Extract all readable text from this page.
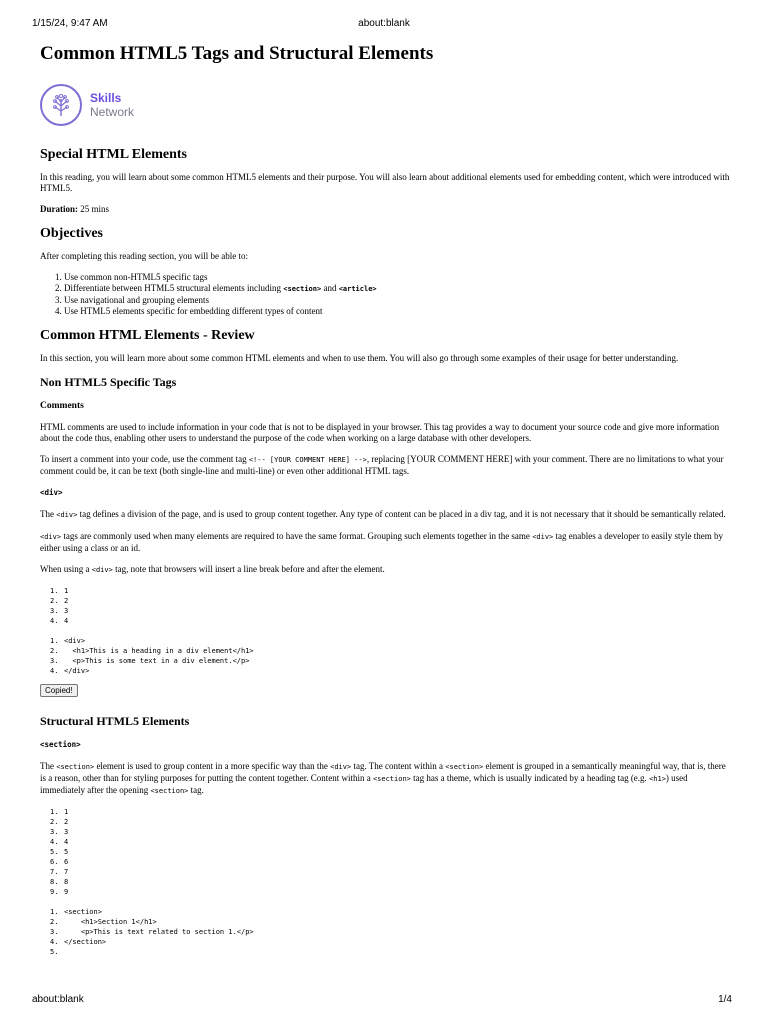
1/15/24, 9:47 AM	about:blank
Common HTML5 Tags and Structural Elements
Skills
Network
Special HTML Elements

In this reading, you will learn about some common HTML5 elements and their purpose. You will also learn about additional elements used for embedding content, which were introduced with HTML5.

Duration: 25 mins

Objectives

After completing this reading section, you will be able to:

1. Use common non-HTML5 specific tags
2. Differentiate between HTML5 structural elements including <section> and <article>
3. Use navigational and grouping elements
4. Use HTML5 elements specific for embedding different types of content
Common HTML Elements - Review

In this section, you will learn more about some common HTML elements and when to use them. You will also go through some examples of their usage for better understanding.

Non HTML5 Specific Tags
Comments

HTML comments are used to include information in your code that is not to be displayed in your browser. This tag provides a way to document your source code and give more information about the code thus, enabling other users to understand the purpose of the code when working on a large database with other developers.

To insert a comment into your code, use the comment tag <!-- [YOUR COMMENT HERE] -->, replacing [YOUR COMMENT HERE] with your comment. There are no limitations to what your comment could be, it can be text (both single-line and multi-line) or even other additional HTML tags.

<div>

The <div> tag defines a division of the page, and is used to group content together. Any type of content can be placed in a div tag, and it is not necessary that it should be semantically related.

<div> tags are commonly used when many elements are required to have the same format. Grouping such elements together in the same <div> tag enables a developer to easily style them by either using a class or an id.

When using a <div> tag, note that browsers will insert a line break before and after the element.

1. 1
2. 2
3. 3
4. 4
1. <div>
2.  <h1>This is a heading in a div element</h1>
3.  <p>This is some text in a div element.</p>
4. </div>
Copied!
Structural HTML5 Elements
<section>

The <section> element is used to group content in a more specific way than the <div> tag. The content within a <section> element is grouped in a semantically meaningful way, that is, there is a reason, other than for styling purposes for putting the content together. Content within a <section> tag has a theme, which is usually indicated by a heading tag (e.g. <h1>) used immediately after the opening <section> tag.

1. 1
2. 2
3. 3
4. 4
5. 5
6. 6
7. 7
8. 8
9. 9
1. <section>
2.    <h1>Section 1</h1>
3.    <p>This is text related to section 1.</p>
4. </section>
5.
about:blank	1/4
